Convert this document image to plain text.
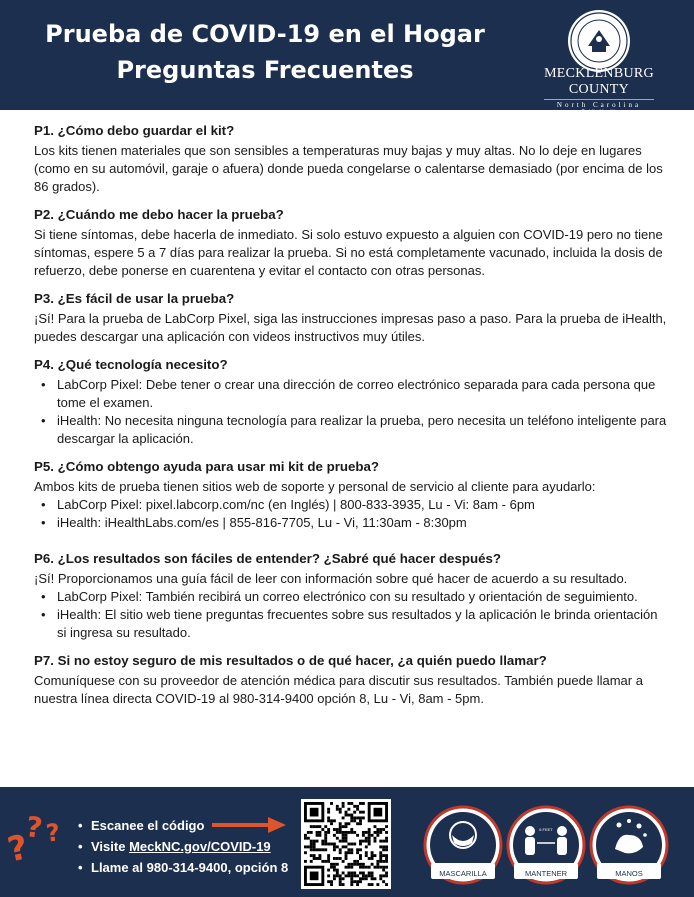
Prueba de COVID-19 en el Hogar
Preguntas Frecuentes	MECKLENBURG COUNTY
North Carolina
Public Health
P1. ¿Cómo debo guardar el kit?

Los kits tienen materiales que son sensibles a temperaturas muy bajas y muy altas. No lo deje en lugares (como en su automóvil, garaje o afuera) donde pueda congelarse o calentarse demasiado (por encima de los 86 grados).

P2. ¿Cuándo me debo hacer la prueba?

Si tiene síntomas, debe hacerla de inmediato. Si solo estuvo expuesto a alguien con COVID-19 pero no tiene síntomas, espere 5 a 7 días para realizar la prueba. Si no está completamente vacunado, incluida la dosis de refuerzo, debe ponerse en cuarentena y evitar el contacto con otras personas.

P3. ¿Es fácil de usar la prueba?

¡Sí! Para la prueba de LabCorp Pixel, siga las instrucciones impresas paso a paso. Para la prueba de iHealth, puedes descargar una aplicación con videos instructivos muy útiles.

P4. ¿Qué tecnología necesito?
• LabCorp Pixel: Debe tener o crear una dirección de correo electrónico separada para cada persona que tome el examen.
• iHealth: No necesita ninguna tecnología para realizar la prueba, pero necesita un teléfono inteligente para descargar la aplicación.
P5. ¿Cómo obtengo ayuda para usar mi kit de prueba?

Ambos kits de prueba tienen sitios web de soporte y personal de servicio al cliente para ayudarlo:

• LabCorp Pixel: pixel.labcorp.com/nc (en Inglés) | 800-833-3935, Lu - Vi: 8am - 6pm
• iHealth: iHealthLabs.com/es | 855-816-7705, Lu - Vi, 11:30am - 8:30pm
P6. ¿Los resultados son fáciles de entender? ¿Sabré qué hacer después?

¡Sí! Proporcionamos una guía fácil de leer con información sobre qué hacer de acuerdo a su resultado.

• LabCorp Pixel: También recibirá un correo electrónico con su resultado y orientación de seguimiento.
• iHealth: El sitio web tiene preguntas frecuentes sobre sus resultados y la aplicación le brinda orientación si ingresa su resultado.
P7. Si no estoy seguro de mis resultados o de qué hacer, ¿a quién puedo llamar?

Comuníquese con su proveedor de atención médica para discutir sus resultados. También puede llamar a nuestra línea directa COVID-19 al 980-314-9400 opción 8, Lu - Vi, 8am - 5pm.

?
? ?
•	Escanee el código
• Visite MeckNC.gov/COVID-19
• Llame al 980-314-9400, opción 8	MASCARILLA
6 FEET
MANTENER	MANOS
